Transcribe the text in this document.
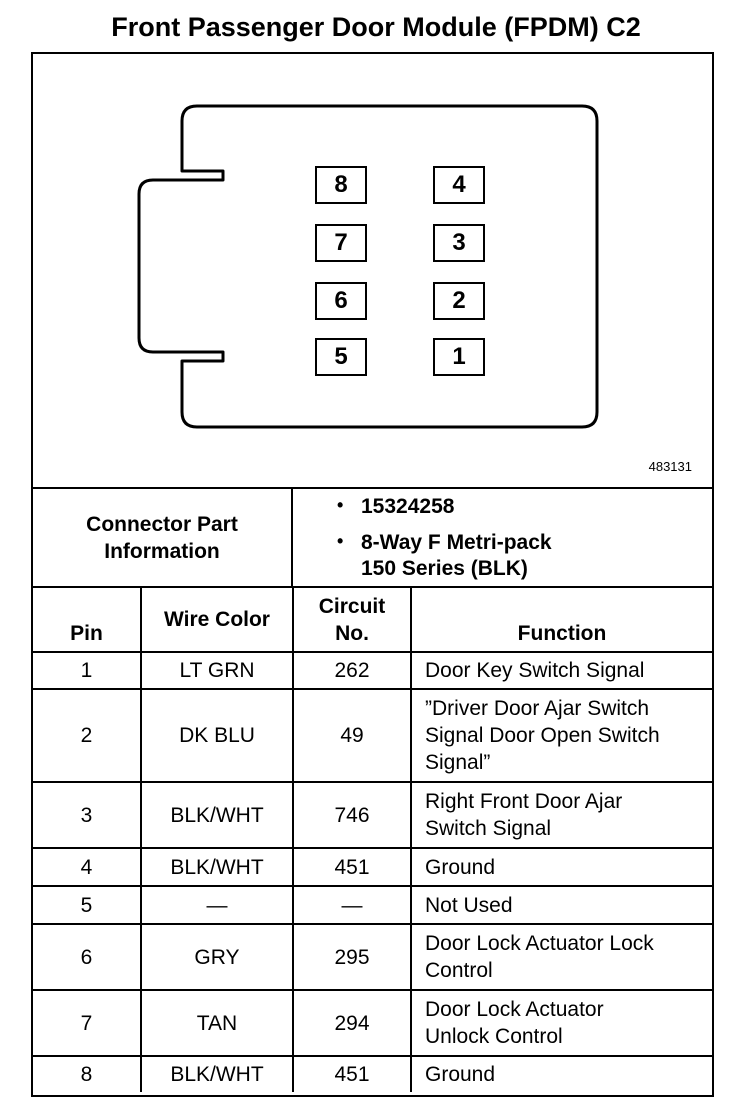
Front Passenger Door Module (FPDM) C2
8
7
6
5
4
3
2
1
483131
Connector Part Information
• 15324258
• 8-Way F Metri-pack
150 Series (BLK)
Pin	Wire Color	Circuit No.	Function
1	LT GRN	262	Door Key Switch Signal
2	DK BLU	49	”Driver Door Ajar Switch Signal Door Open Switch Signal”
3	BLK/WHT	746	Right Front Door Ajar Switch Signal
4	BLK/WHT	451	Ground
5	—	—	Not Used
6	GRY	295	Door Lock Actuator Lock Control
7	TAN	294	Door Lock Actuator Unlock Control
8	BLK/WHT	451	Ground
